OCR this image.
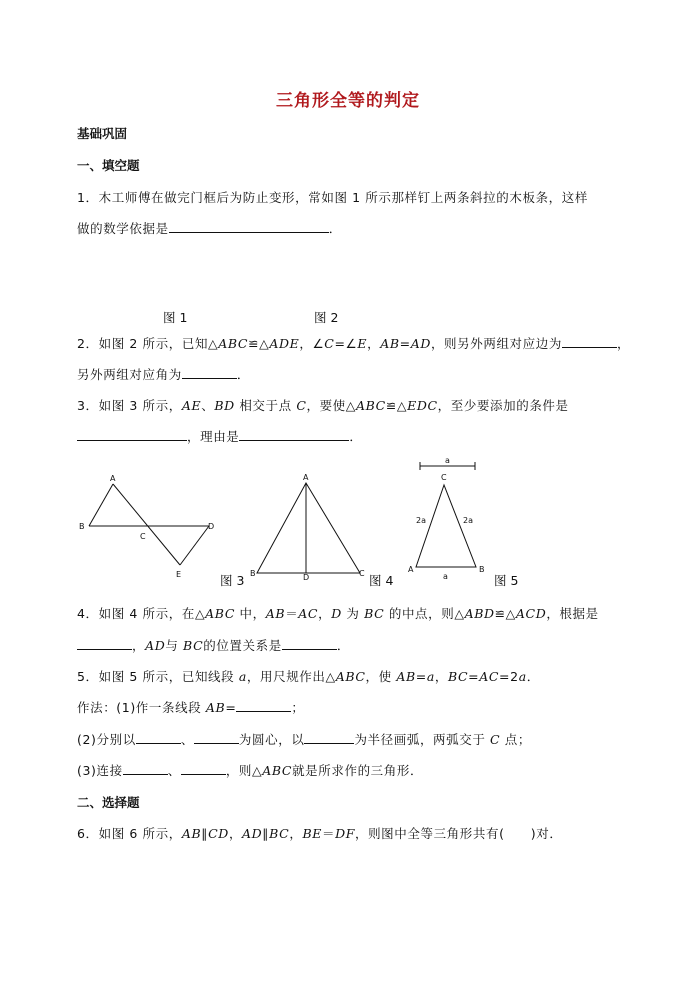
三角形全等的判定
基础巩固
一、填空题
1．木工师傅在做完门框后为防止变形，常如图 1 所示那样钉上两条斜拉的木板条，这样
做的数学依据是	．
图 1	图 2
2．如图 2 所示，已知△ABC≌△ADE，∠C=∠E，AB=AD，则另外两组对应边为	，
另外两组对应角为	．
3．如图 3 所示，AE、BD 相交于点 C，要使△ABC≌△EDC，至少要添加的条件是
，理由是	．
A
B
C
D
E
A
B	D	C
a
C
2a	2a
A	B
a
图 3	图 4	图 5
4．如图 4 所示，在△ABC 中，AB＝AC，D 为 BC 的中点，则△ABD≌△ACD，根据是
，AD与 BC的位置关系是	．
5．如图 5 所示，已知线段 a，用尺规作出△ABC，使 AB=a，BC=AC=2a．
作法：(1)作一条线段 AB=	；
(2)分别以	、	为圆心，以	为半径画弧，两弧交于 C 点；
(3)连接	、	，则△ABC就是所求作的三角形．
二、选择题
6．如图 6 所示，AB∥CD，AD∥BC，BE＝DF，则图中全等三角形共有(　　)对．
